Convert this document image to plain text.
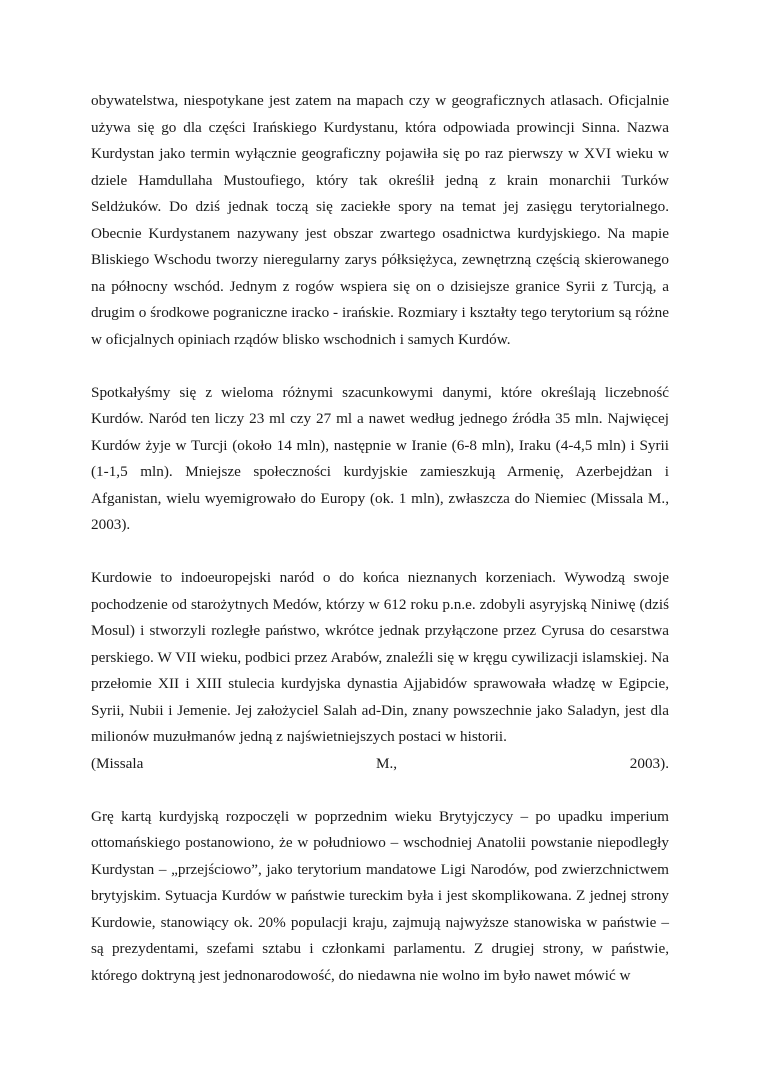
obywatelstwa, niespotykane jest zatem na mapach czy w geograficznych atlasach. Oficjalnie używa się go dla części Irańskiego Kurdystanu, która odpowiada prowincji Sinna. Nazwa Kurdystan jako termin wyłącznie geograficzny pojawiła się po raz pierwszy w XVI wieku w dziele Hamdullaha Mustoufiego, który tak określił jedną z krain monarchii Turków Seldżuków. Do dziś jednak toczą się zaciekłe spory na temat jej zasięgu terytorialnego. Obecnie Kurdystanem nazywany jest obszar zwartego osadnictwa kurdyjskiego. Na mapie Bliskiego Wschodu tworzy nieregularny zarys półksiężyca, zewnętrzną częścią skierowanego na północny wschód. Jednym z rogów wspiera się on o dzisiejsze granice Syrii z Turcją, a drugim o środkowe pograniczne iracko - irańskie. Rozmiary i kształty tego terytorium są różne w oficjalnych opiniach rządów blisko wschodnich i samych Kurdów.

Spotkałyśmy się z wieloma różnymi szacunkowymi danymi, które określają liczebność Kurdów. Naród ten liczy 23 ml czy 27 ml a nawet według jednego źródła 35 mln. Najwięcej Kurdów żyje w Turcji (około 14 mln), następnie w Iranie (6-8 mln), Iraku (4-4,5 mln) i Syrii (1-1,5 mln). Mniejsze społeczności kurdyjskie zamieszkują Armenię, Azerbejdżan i Afganistan, wielu wyemigrowało do Europy (ok. 1 mln), zwłaszcza do Niemiec (Missala M., 2003).

Kurdowie to indoeuropejski naród o do końca nieznanych korzeniach. Wywodzą swoje pochodzenie od starożytnych Medów, którzy w 612 roku p.n.e. zdobyli asyryjską Niniwę (dziś Mosul) i stworzyli rozległe państwo, wkrótce jednak przyłączone przez Cyrusa do cesarstwa perskiego. W VII wieku, podbici przez Arabów, znaleźli się w kręgu cywilizacji islamskiej. Na przełomie XII i XIII stulecia kurdyjska dynastia Ajjabidów sprawowała władzę w Egipcie, Syrii, Nubii i Jemenie. Jej założyciel Salah ad-Din, znany powszechnie jako Saladyn, jest dla milionów muzułmanów jedną z najświetniejszych postaci w historii.
(Missala	M.,	2003).

Grę kartą kurdyjską rozpoczęli w poprzednim wieku Brytyjczycy – po upadku imperium ottomańskiego postanowiono, że w południowo – wschodniej Anatolii powstanie niepodległy Kurdystan – „przejściowo”, jako terytorium mandatowe Ligi Narodów, pod zwierzchnictwem brytyjskim. Sytuacja Kurdów w państwie tureckim była i jest skomplikowana. Z jednej strony Kurdowie, stanowiący ok. 20% populacji kraju, zajmują najwyższe stanowiska w państwie – są prezydentami, szefami sztabu i członkami parlamentu. Z drugiej strony, w państwie, którego doktryną jest jednonarodowość, do niedawna nie wolno im było nawet mówić w
